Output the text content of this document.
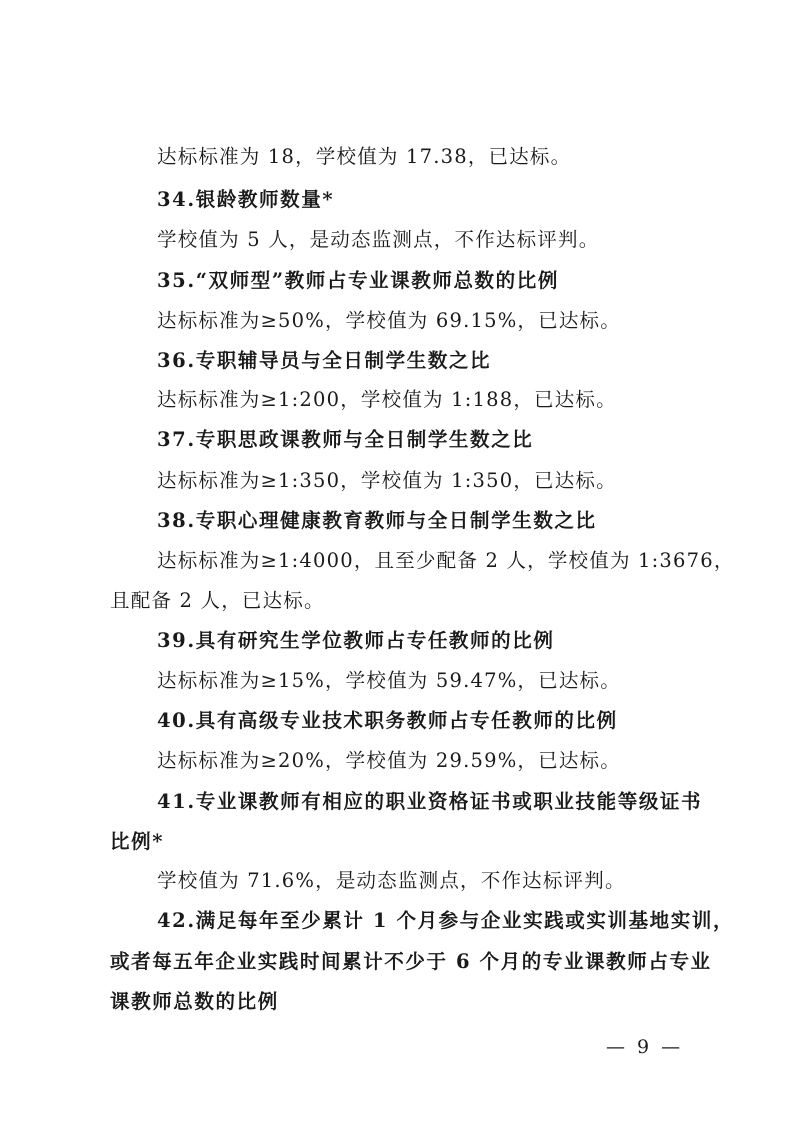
达标标准为 18，学校值为 17.38，已达标。
34.银龄教师数量*
学校值为 5 人，是动态监测点，不作达标评判。
35.“双师型”教师占专业课教师总数的比例
达标标准为≥50%，学校值为 69.15%，已达标。
36.专职辅导员与全日制学生数之比
达标标准为≥1:200，学校值为 1:188，已达标。
37.专职思政课教师与全日制学生数之比
达标标准为≥1:350，学校值为 1:350，已达标。
38.专职心理健康教育教师与全日制学生数之比
达标标准为≥1:4000，且至少配备 2 人，学校值为 1:3676，
且配备 2 人，已达标。
39.具有研究生学位教师占专任教师的比例
达标标准为≥15%，学校值为 59.47%，已达标。
40.具有高级专业技术职务教师占专任教师的比例
达标标准为≥20%，学校值为 29.59%，已达标。
41.专业课教师有相应的职业资格证书或职业技能等级证书
比例*
学校值为 71.6%，是动态监测点，不作达标评判。
42.满足每年至少累计 1 个月参与企业实践或实训基地实训，
或者每五年企业实践时间累计不少于 6 个月的专业课教师占专业
课教师总数的比例
— 9 —
